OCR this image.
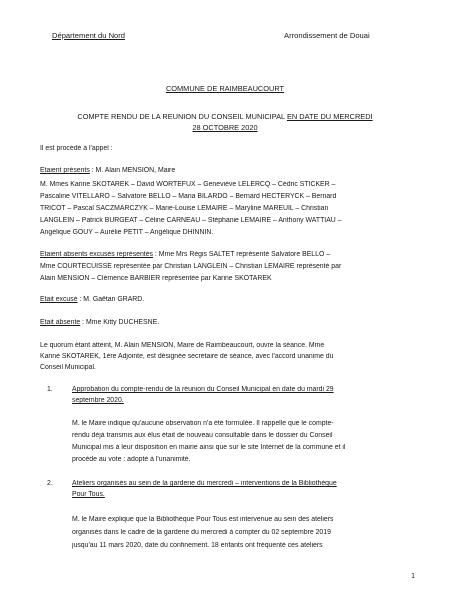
Département du Nord	Arrondissement de Douai
COMMUNE DE RAIMBEAUCOURT
COMPTE RENDU DE LA REUNION DU CONSEIL MUNICIPAL EN DATE DU MERCREDI
28 OCTOBRE 2020
Il est procédé à l'appel :
Etaient présents : M. Alain MENSION, Maire
M. Mmes Karine SKOTAREK – David WORTEFUX – Geneviève LELERCQ – Cédric STICKER –
Pascaline VITELLARO – Salvatore BELLO – Maria BILARDO – Bernard HECTERYCK – Bernard
TRICOT – Pascal SACZMARCZYK – Marie-Louise LEMAIRE – Maryline MAREUIL – Christian
LANGLEIN – Patrick BURGEAT – Céline CARNEAU – Stéphanie LEMAIRE – Anthony WATTIAU –
Angélique GOUY – Aurélie PETIT – Angélique DHINNIN.
Etaient absents excusés représentés : Mme Mrs Régis SALTET représenté Salvatore BELLO –
Mme COURTECUISSE représentée par Christian LANGLEIN – Christian LEMAIRE représenté par
Alain MENSION – Clémence BARBIER représentée par Karine SKOTAREK
Etait excusé : M. Gaëtan GRARD.
Etait absente : Mme Kitty DUCHESNE.
Le quorum étant atteint, M. Alain MENSION, Maire de Raimbeaucourt, ouvre la séance. Mme
Karine SKOTAREK, 1ère Adjointe, est désignée secrétaire de séance, avec l'accord unanime du
Conseil Municipal.
1.	Approbation du compte-rendu de la réunion du Conseil Municipal en date du mardi 29
septembre 2020.
M. le Maire indique qu'aucune observation n'a été formulée. Il rappelle que le compte-
rendu déjà transmis aux élus était de nouveau consultable dans le dossier du Conseil
Municipal mis à leur disposition en mairie ainsi que sur le site Internet de la commune et il
procède au vote : adopté à l'unanimité.
2.	Ateliers organisés au sein de la garderie du mercredi – interventions de la Bibliothèque
Pour Tous.
M. le Maire explique que la Bibliothèque Pour Tous est intervenue au sein des ateliers
organisés dans le cadre de la garderie du mercredi à compter du 02 septembre 2019
jusqu'au 11 mars 2020, date du confinement. 18 enfants ont fréquenté ces ateliers
1
